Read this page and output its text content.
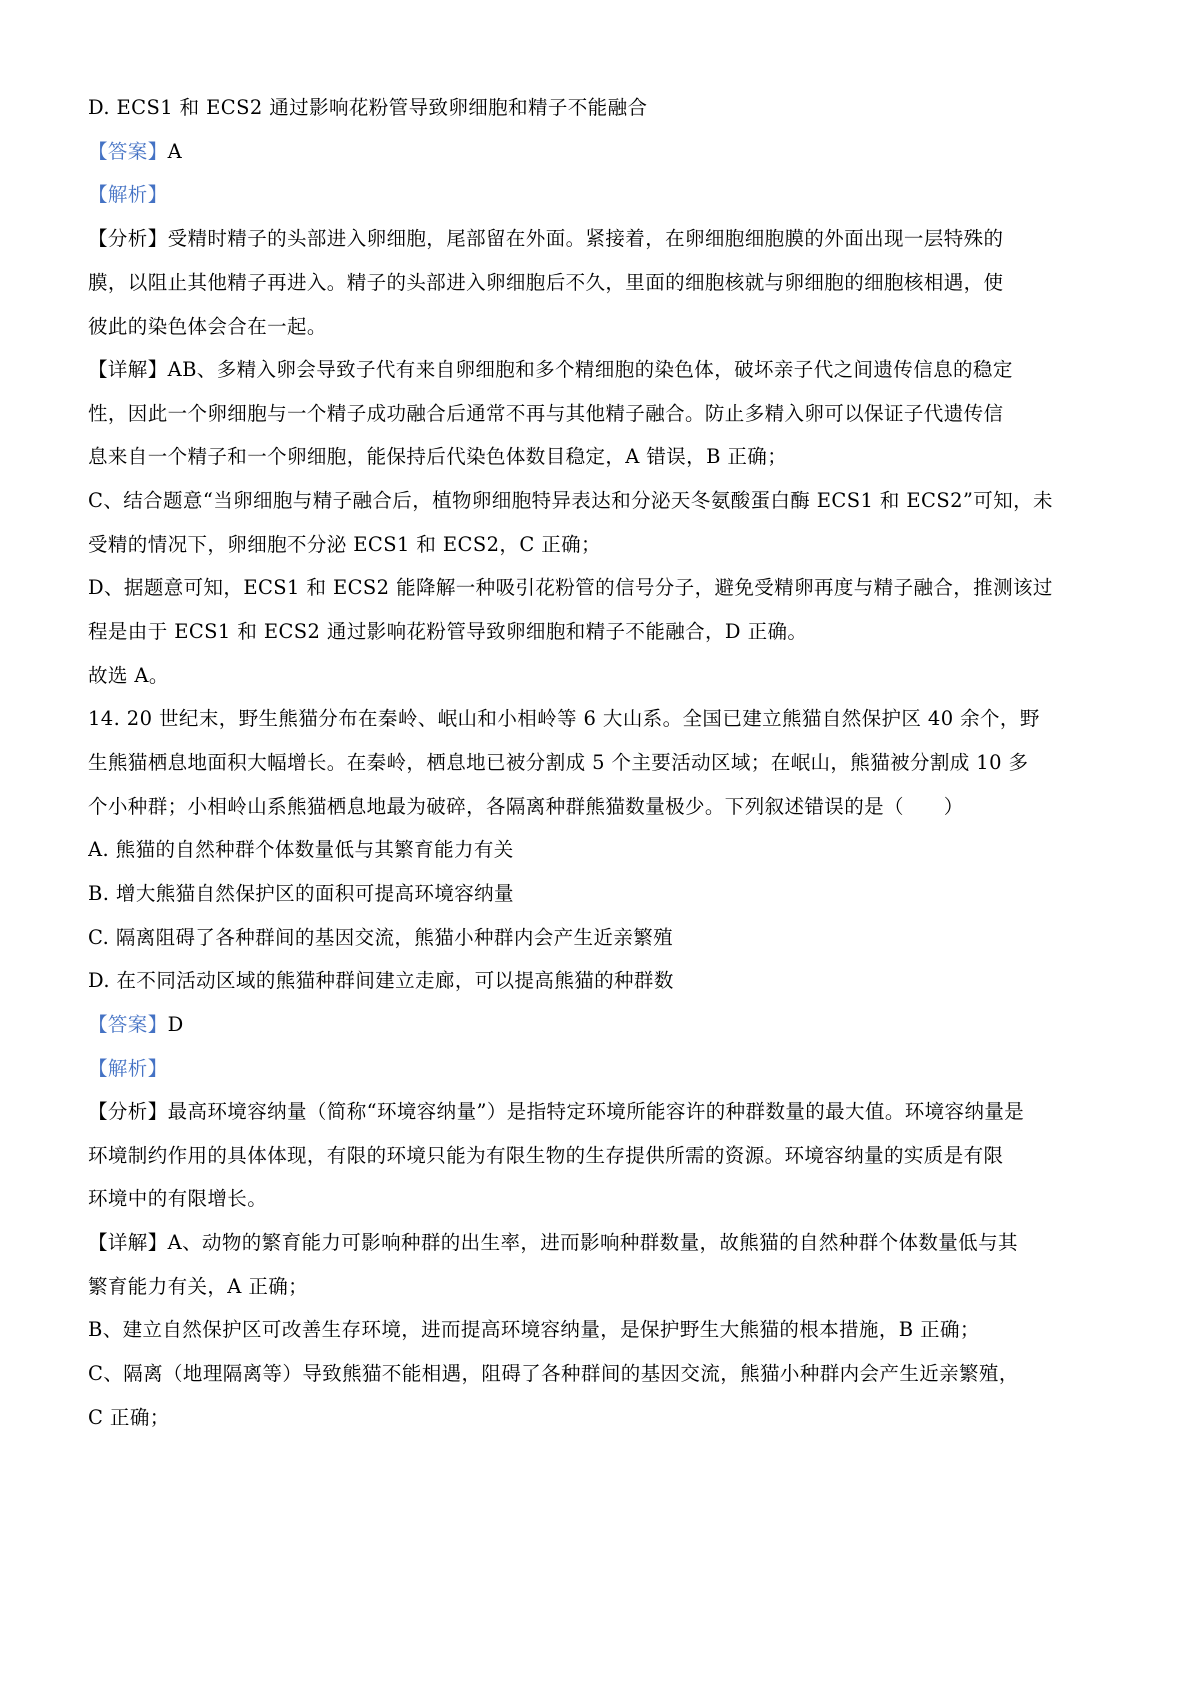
D. ECS1 和 ECS2 通过影响花粉管导致卵细胞和精子不能融合
【答案】A
【解析】
【分析】受精时精子的头部进入卵细胞，尾部留在外面。紧接着，在卵细胞细胞膜的外面出现一层特殊的
膜，以阻止其他精子再进入。精子的头部进入卵细胞后不久，里面的细胞核就与卵细胞的细胞核相遇，使
彼此的染色体会合在一起。
【详解】AB、多精入卵会导致子代有来自卵细胞和多个精细胞的染色体，破坏亲子代之间遗传信息的稳定
性，因此一个卵细胞与一个精子成功融合后通常不再与其他精子融合。防止多精入卵可以保证子代遗传信
息来自一个精子和一个卵细胞，能保持后代染色体数目稳定，A 错误，B 正确；
C、结合题意“当卵细胞与精子融合后，植物卵细胞特异表达和分泌天冬氨酸蛋白酶 ECS1 和 ECS2”可知，未
受精的情况下，卵细胞不分泌 ECS1 和 ECS2，C 正确；
D、据题意可知，ECS1 和 ECS2 能降解一种吸引花粉管的信号分子，避免受精卵再度与精子融合，推测该过
程是由于 ECS1 和 ECS2 通过影响花粉管导致卵细胞和精子不能融合，D 正确。
故选 A。
14. 20 世纪末，野生熊猫分布在秦岭、岷山和小相岭等 6 大山系。全国已建立熊猫自然保护区 40 余个，野
生熊猫栖息地面积大幅增长。在秦岭，栖息地已被分割成 5 个主要活动区域；在岷山，熊猫被分割成 10 多
个小种群；小相岭山系熊猫栖息地最为破碎，各隔离种群熊猫数量极少。下列叙述错误的是（　　）
A. 熊猫的自然种群个体数量低与其繁育能力有关
B. 增大熊猫自然保护区的面积可提高环境容纳量
C. 隔离阻碍了各种群间的基因交流，熊猫小种群内会产生近亲繁殖
D. 在不同活动区域的熊猫种群间建立走廊，可以提高熊猫的种群数
【答案】D
【解析】
【分析】最高环境容纳量（简称“环境容纳量”）是指特定环境所能容许的种群数量的最大值。环境容纳量是
环境制约作用的具体体现，有限的环境只能为有限生物的生存提供所需的资源。环境容纳量的实质是有限
环境中的有限增长。
【详解】A、动物的繁育能力可影响种群的出生率，进而影响种群数量，故熊猫的自然种群个体数量低与其
繁育能力有关，A 正确；
B、建立自然保护区可改善生存环境，进而提高环境容纳量，是保护野生大熊猫的根本措施，B 正确；
C、隔离（地理隔离等）导致熊猫不能相遇，阻碍了各种群间的基因交流，熊猫小种群内会产生近亲繁殖，
C 正确；
